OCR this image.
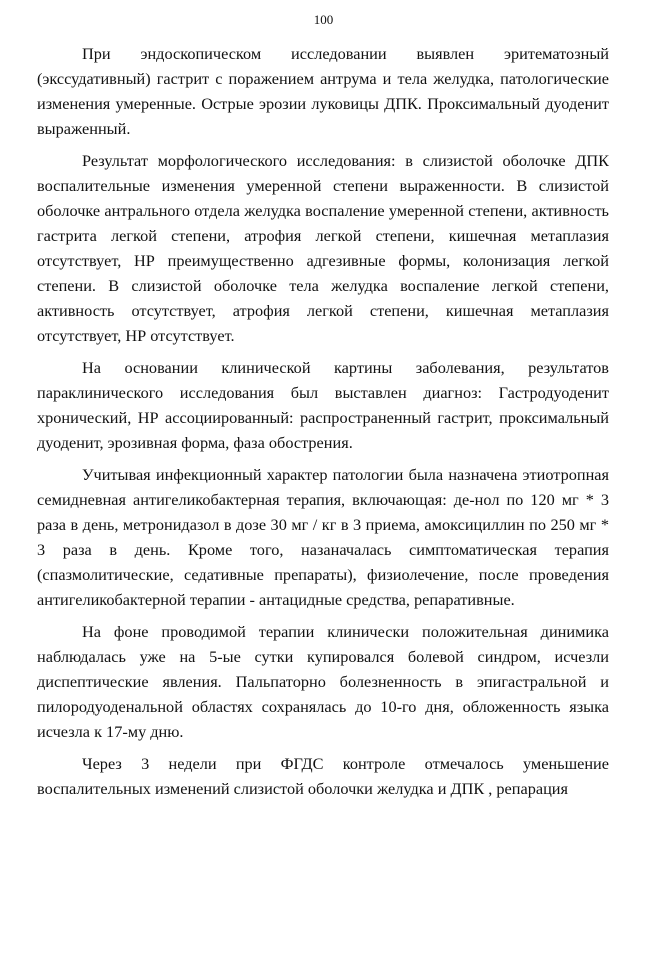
100

При эндоскопическом исследовании выявлен эритематозный (экссудативный) гастрит с поражением антрума и тела желудка, патологические изменения умеренные. Острые эрозии луковицы ДПК. Проксимальный дуоденит выраженный.

Результат морфологического исследования: в слизистой оболочке ДПК воспалительные изменения умеренной степени выраженности. В слизистой оболочке антрального отдела желудка воспаление умеренной степени, активность гастрита легкой степени, атрофия легкой степени, кишечная метаплазия отсутствует, НР преимущественно адгезивные формы, колонизация легкой степени. В слизистой оболочке тела желудка воспаление легкой степени, активность отсутствует, атрофия легкой степени, кишечная метаплазия отсутствует, НР отсутствует.

На основании клинической картины заболевания, результатов параклинического исследования был выставлен диагноз: Гастродуоденит хронический, НР ассоциированный: распространенный гастрит, проксимальный дуоденит, эрозивная форма, фаза обострения.

Учитывая инфекционный характер патологии была назначена этиотропная семидневная антигеликобактерная терапия, включающая: де-нол по 120 мг * 3 раза в день, метронидазол в дозе 30 мг / кг в 3 приема, амоксициллин по 250 мг * 3 раза в день. Кроме того, назаначалась симптоматическая терапия (спазмолитические, седативные препараты), физиолечение, после проведения антигеликобактерной терапии - антацидные средства, репаративные.

На фоне проводимой терапии клинически положительная динимика наблюдалась уже на 5-ые сутки купировался болевой синдром, исчезли диспептические явления. Пальпаторно болезненность в эпигастральной и пилородуоденальной областях сохранялась до 10-го дня, обложенность языка исчезла к 17-му дню.

Через 3 недели при ФГДС контроле отмечалось уменьшение воспалительных изменений слизистой оболочки желудка и ДПК , репарация
